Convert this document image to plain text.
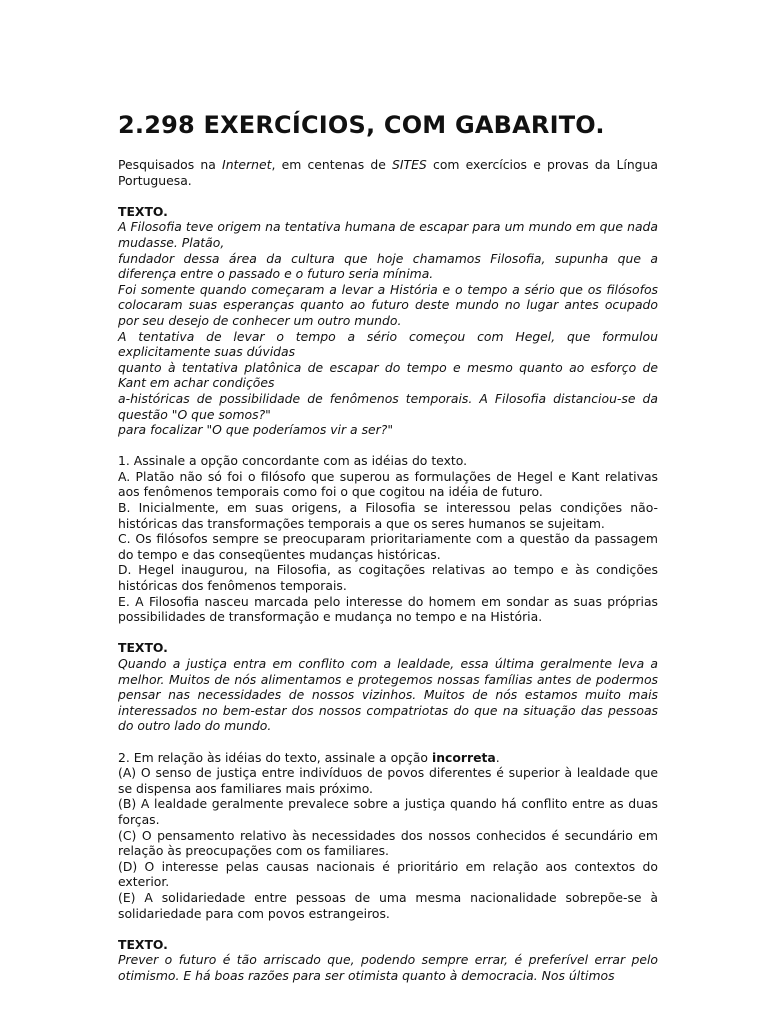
2.298 EXERCÍCIOS, COM GABARITO.

Pesquisados na Internet, em centenas de SITES com exercícios e provas da Língua Portuguesa.

TEXTO.

A Filosofia teve origem na tentativa humana de escapar para um mundo em que nada mudasse. Platão,

fundador dessa área da cultura que hoje chamamos Filosofia, supunha que a diferença entre o passado e o futuro seria mínima.

Foi somente quando começaram a levar a História e o tempo a sério que os filósofos colocaram suas esperanças quanto ao futuro deste mundo no lugar antes ocupado por seu desejo de conhecer um outro mundo.

A tentativa de levar o tempo a sério começou com Hegel, que formulou explicitamente suas dúvidas

quanto à tentativa platônica de escapar do tempo e mesmo quanto ao esforço de Kant em achar condições

a-históricas de possibilidade de fenômenos temporais. A Filosofia distanciou-se da questão "O que somos?"

para focalizar "O que poderíamos vir a ser?"

1. Assinale a opção concordante com as idéias do texto.

A. Platão não só foi o filósofo que superou as formulações de Hegel e Kant relativas aos fenômenos temporais como foi o que cogitou na idéia de futuro.

B. Inicialmente, em suas origens, a Filosofia se interessou pelas condições não-históricas das transformações temporais a que os seres humanos se sujeitam.

C. Os filósofos sempre se preocuparam prioritariamente com a questão da passagem do tempo e das conseqüentes mudanças históricas.

D. Hegel inaugurou, na Filosofia, as cogitações relativas ao tempo e às condições históricas dos fenômenos temporais.

E. A Filosofia nasceu marcada pelo interesse do homem em sondar as suas próprias possibilidades de transformação e mudança no tempo e na História.

TEXTO.

Quando a justiça entra em conflito com a lealdade, essa última geralmente leva a melhor. Muitos de nós alimentamos e protegemos nossas famílias antes de podermos pensar nas necessidades de nossos vizinhos. Muitos de nós estamos muito mais interessados no bem-estar dos nossos compatriotas do que na situação das pessoas do outro lado do mundo.

2. Em relação às idéias do texto, assinale a opção incorreta.

(A) O senso de justiça entre indivíduos de povos diferentes é superior à lealdade que se dispensa aos familiares mais próximo.

(B) A lealdade geralmente prevalece sobre a justiça quando há conflito entre as duas forças.

(C) O pensamento relativo às necessidades dos nossos conhecidos é secundário em relação às preocupações com os familiares.

(D) O interesse pelas causas nacionais é prioritário em relação aos contextos do exterior.

(E) A solidariedade entre pessoas de uma mesma nacionalidade sobrepõe-se à solidariedade para com povos estrangeiros.

TEXTO.

Prever o futuro é tão arriscado que, podendo sempre errar, é preferível errar pelo otimismo. E há boas razões para ser otimista quanto à democracia. Nos últimos
